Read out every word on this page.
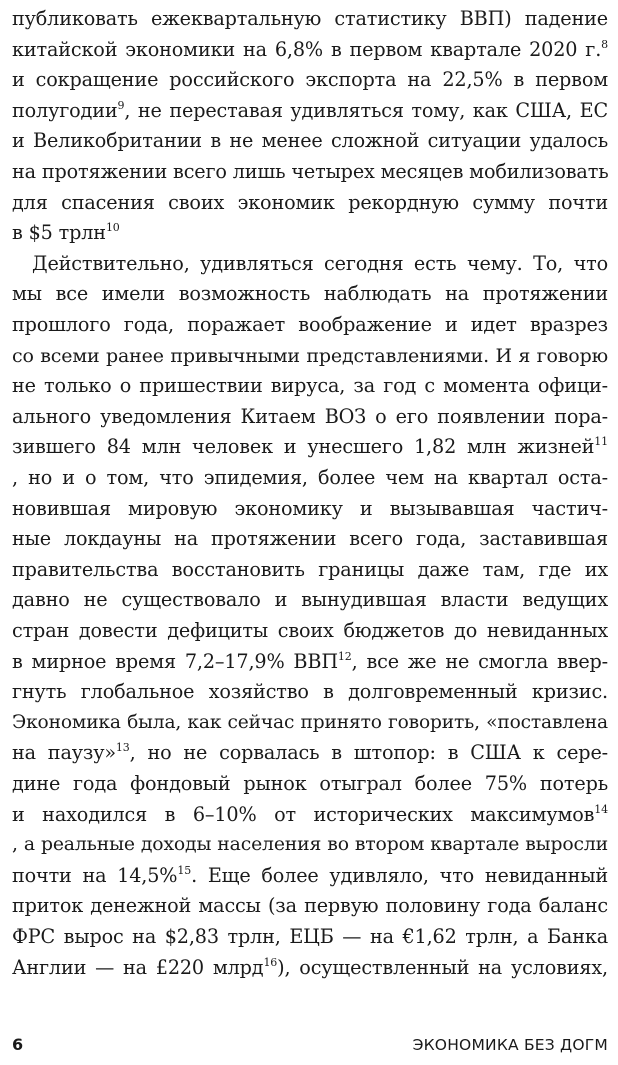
публиковать ежеквартальную статистику ВВП) падение
китайской экономики на 6,8% в первом квартале 2020 г.$^8$
и сокращение российского экспорта на 22,5% в первом
полугодии$^9$, не переставая удивляться тому, как США, ЕС
и Великобритании в не менее сложной ситуации удалось
на протяжении всего лишь четырех месяцев мобилизовать
для спасения своих экономик рекордную сумму почти
в $5 трлн$^{10}$
Действительно, удивляться сегодня есть чему. То, что
мы все имели возможность наблюдать на протяжении
прошлого года, поражает воображение и идет вразрез
со всеми ранее привычными представлениями. И я говорю
не только о пришествии вируса, за год с момента офици-
ального уведомления Китаем ВОЗ о его появлении пора-
зившего 84 млн человек и унесшего 1,82 млн жизней$^{11}$
, но и о том, что эпидемия, более чем на квартал оста-
новившая мировую экономику и вызывавшая частич-
ные локдауны на протяжении всего года, заставившая
правительства восстановить границы даже там, где их
давно не существовало и вынудившая власти ведущих
стран довести дефициты своих бюджетов до невиданных
в мирное время 7,2–17,9% ВВП$^{12}$, все же не смогла ввер-
гнуть глобальное хозяйство в долговременный кризис.
Экономика была, как сейчас принято говорить, «поставлена
на паузу»$^{13}$, но не сорвалась в штопор: в США к сере-
дине года фондовый рынок отыграл более 75% потерь
и находился в 6–10% от исторических максимумов$^{14}$
, а реальные доходы населения во втором квартале выросли
почти на 14,5%$^{15}$. Еще более удивляло, что невиданный
приток денежной массы (за первую половину года баланс
ФРС вырос на $2,83 трлн, ЕЦБ — на €1,62 трлн, а Банка
Англии — на £220 млрд$^{16}$), осуществленный на условиях,
6	ЭКОНОМИКА БЕЗ ДОГМ
